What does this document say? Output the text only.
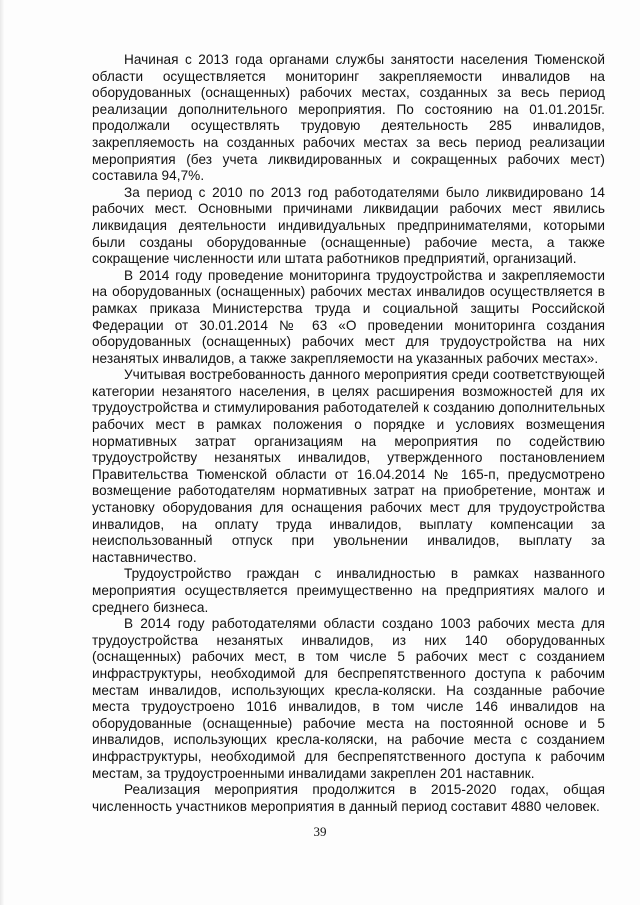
Начиная с 2013 года органами службы занятости населения Тюменской области осуществляется мониторинг закрепляемости инвалидов на оборудованных (оснащенных) рабочих местах, созданных за весь период реализации дополнительного мероприятия. По состоянию на 01.01.2015г. продолжали осуществлять трудовую деятельность 285 инвалидов, закрепляемость на созданных рабочих местах за весь период реализации мероприятия (без учета ликвидированных и сокращенных рабочих мест) составила 94,7%.

За период с 2010 по 2013 год работодателями было ликвидировано 14 рабочих мест. Основными причинами ликвидации рабочих мест явились ликвидация деятельности индивидуальных предпринимателями, которыми были созданы оборудованные (оснащенные) рабочие места, а также сокращение численности или штата работников предприятий, организаций.

В 2014 году проведение мониторинга трудоустройства и закрепляемости на оборудованных (оснащенных) рабочих местах инвалидов осуществляется в рамках приказа Министерства труда и социальной защиты Российской Федерации от 30.01.2014 № 63 «О проведении мониторинга создания оборудованных (оснащенных) рабочих мест для трудоустройства на них незанятых инвалидов, а также закрепляемости на указанных рабочих местах».

Учитывая востребованность данного мероприятия среди соответствующей категории незанятого населения, в целях расширения возможностей для их трудоустройства и стимулирования работодателей к созданию дополнительных рабочих мест в рамках положения о порядке и условиях возмещения нормативных затрат организациям на мероприятия по содействию трудоустройству незанятых инвалидов, утвержденного постановлением Правительства Тюменской области от 16.04.2014 № 165-п, предусмотрено возмещение работодателям нормативных затрат на приобретение, монтаж и установку оборудования для оснащения рабочих мест для трудоустройства инвалидов, на оплату труда инвалидов, выплату компенсации за неиспользованный отпуск при увольнении инвалидов, выплату за наставничество.

Трудоустройство граждан с инвалидностью в рамках названного мероприятия осуществляется преимущественно на предприятиях малого и среднего бизнеса.

В 2014 году работодателями области создано 1003 рабочих места для трудоустройства незанятых инвалидов, из них 140 оборудованных (оснащенных) рабочих мест, в том числе 5 рабочих мест с созданием инфраструктуры, необходимой для беспрепятственного доступа к рабочим местам инвалидов, использующих кресла-коляски. На созданные рабочие места трудоустроено 1016 инвалидов, в том числе 146 инвалидов на оборудованные (оснащенные) рабочие места на постоянной основе и 5 инвалидов, использующих кресла-коляски, на рабочие места с созданием инфраструктуры, необходимой для беспрепятственного доступа к рабочим местам, за трудоустроенными инвалидами закреплен 201 наставник.

Реализация мероприятия продолжится в 2015-2020 годах, общая численность участников мероприятия в данный период составит 4880 человек.

39
